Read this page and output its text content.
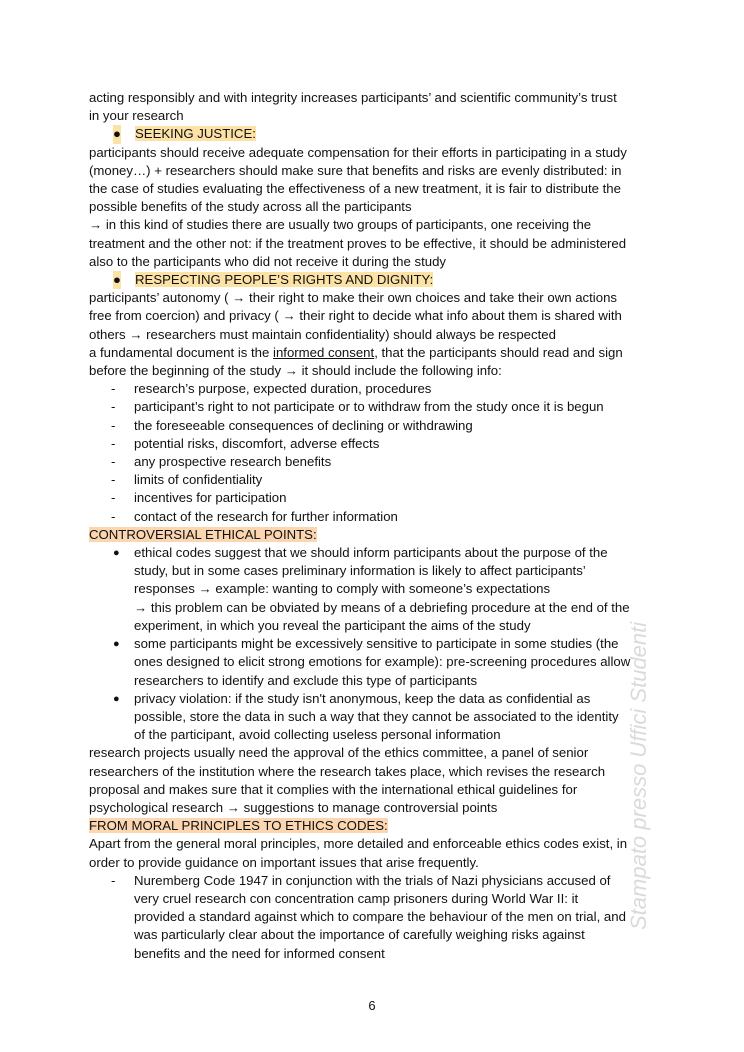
acting responsibly and with integrity increases participants’ and scientific community’s trust
in your research

● SEEKING JUSTICE:

participants should receive adequate compensation for their efforts in participating in a study
(money…) + researchers should make sure that benefits and risks are evenly distributed: in
the case of studies evaluating the effectiveness of a new treatment, it is fair to distribute the
possible benefits of the study across all the participants
→ in this kind of studies there are usually two groups of participants, one receiving the
treatment and the other not: if the treatment proves to be effective, it should be administered
also to the participants who did not receive it during the study

● RESPECTING PEOPLE’S RIGHTS AND DIGNITY:

participants’ autonomy ( → their right to make their own choices and take their own actions
free from coercion) and privacy ( → their right to decide what info about them is shared with
others → researchers must maintain confidentiality) should always be respected
a fundamental document is the informed consent, that the participants should read and sign
before the beginning of the study → it should include the following info:

- research’s purpose, expected duration, procedures
- participant’s right to not participate or to withdraw from the study once it is begun
- the foreseeable consequences of declining or withdrawing
- potential risks, discomfort, adverse effects
- any prospective research benefits
- limits of confidentiality
- incentives for participation
- contact of the research for further information

CONTROVERSIAL ETHICAL POINTS:

● ethical codes suggest that we should inform participants about the purpose of the
study, but in some cases preliminary information is likely to affect participants’
responses → example: wanting to comply with someone’s expectations
→ this problem can be obviated by means of a debriefing procedure at the end of the
experiment, in which you reveal the participant the aims of the study
● some participants might be excessively sensitive to participate in some studies (the
ones designed to elicit strong emotions for example): pre-screening procedures allow
researchers to identify and exclude this type of participants
● privacy violation: if the study isn't anonymous, keep the data as confidential as
possible, store the data in such a way that they cannot be associated to the identity
of the participant, avoid collecting useless personal information

research projects usually need the approval of the ethics committee, a panel of senior
researchers of the institution where the research takes place, which revises the research
proposal and makes sure that it complies with the international ethical guidelines for
psychological research → suggestions to manage controversial points

FROM MORAL PRINCIPLES TO ETHICS CODES:

Apart from the general moral principles, more detailed and enforceable ethics codes exist, in
order to provide guidance on important issues that arise frequently.

- Nuremberg Code 1947 in conjunction with the trials of Nazi physicians accused of
very cruel research con concentration camp prisoners during World War II: it
provided a standard against which to compare the behaviour of the men on trial, and
was particularly clear about the importance of carefully weighing risks against
benefits and the need for informed consent
Stampato presso Uffici Studenti
6
